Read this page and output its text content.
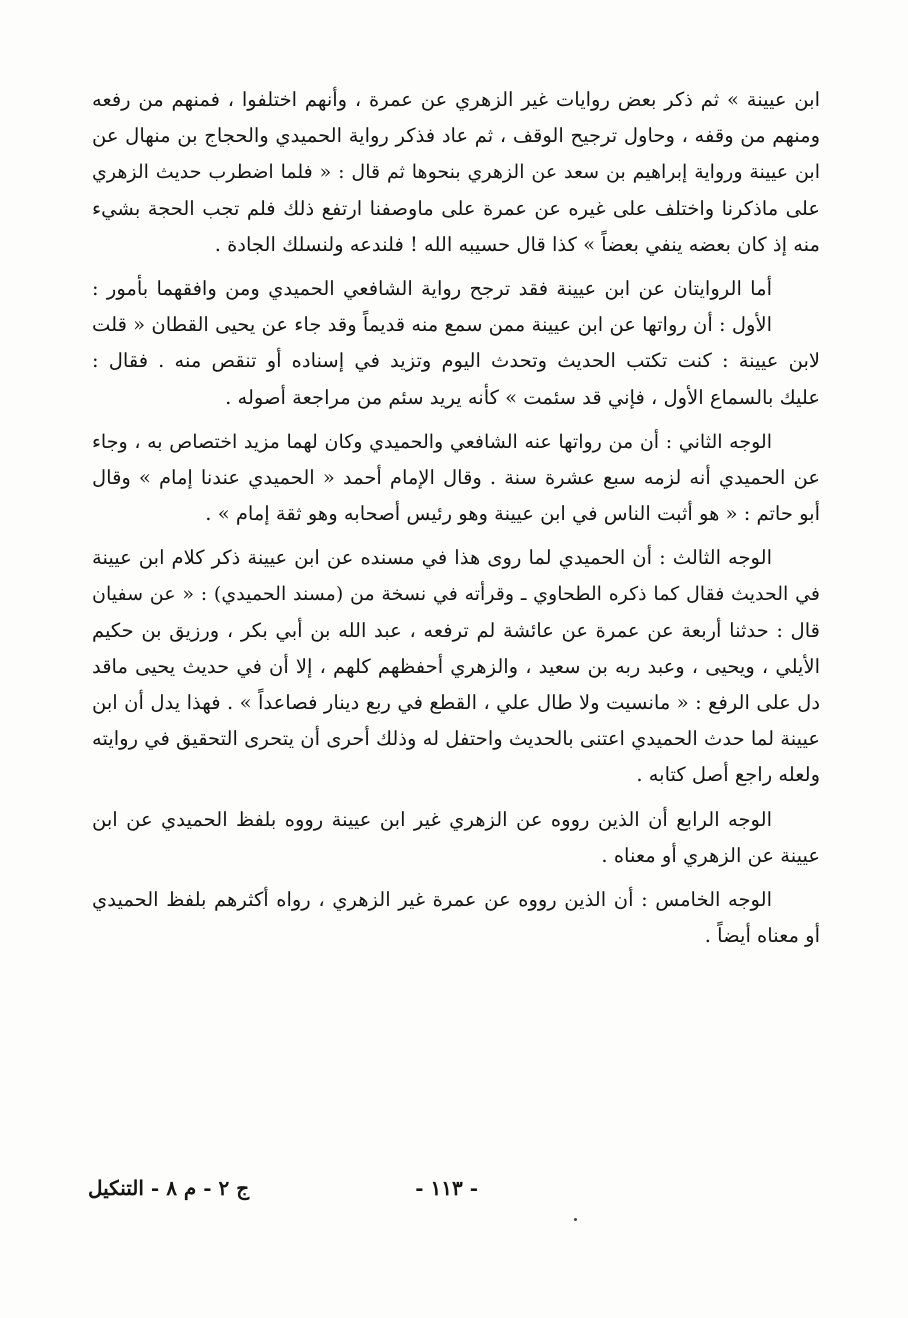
ابن عيينة » ثم ذكر بعض روايات غير الزهري عن عمرة ، وأنهم اختلفوا ، فمنهم من رفعه
ومنهم من وقفه ، وحاول ترجيح الوقف ، ثم عاد فذكر رواية الحميدي والحجاج بن منهال عن
ابن عيينة ورواية إبراهيم بن سعد عن الزهري بنحوها ثم قال : « فلما اضطرب حديث الزهري
على ماذكرنا واختلف على غيره عن عمرة على ماوصفنا ارتفع ذلك فلم تجب الحجة بشيء
منه إذ كان بعضه ينفي بعضاً » كذا قال حسيبه الله ! فلندعه ولنسلك الجادة .
أما الروايتان عن ابن عيينة فقد ترجح رواية الشافعي الحميدي ومن وافقهما بأمور :
الأول : أن رواتها عن ابن عيينة ممن سمع منه قديماً وقد جاء عن يحيى القطان « قلت
لابن عيينة : كنت تكتب الحديث وتحدث اليوم وتزيد في إسناده أو تنقص منه . فقال :
عليك بالسماع الأول ، فإني قد سئمت » كأنه يريد سئم من مراجعة أصوله .
الوجه الثاني : أن من رواتها عنه الشافعي والحميدي وكان لهما مزيد اختصاص به ، وجاء
عن الحميدي أنه لزمه سبع عشرة سنة . وقال الإمام أحمد « الحميدي عندنا إمام » وقال
أبو حاتم : « هو أثبت الناس في ابن عيينة وهو رئيس أصحابه وهو ثقة إمام » .
الوجه الثالث : أن الحميدي لما روى هذا في مسنده عن ابن عيينة ذكر كلام ابن عيينة
في الحديث فقال كما ذكره الطحاوي ـ وقرأته في نسخة من (مسند الحميدي) : « عن سفيان
قال : حدثنا أربعة عن عمرة عن عائشة لم ترفعه ، عبد الله بن أبي بكر ، ورزيق بن حكيم
الأيلي ، ويحيى ، وعبد ربه بن سعيد ، والزهري أحفظهم كلهم ، إلا أن في حديث يحيى ماقد
دل على الرفع : « مانسيت ولا طال علي ، القطع في ربع دينار فصاعداً » . فهذا يدل أن ابن
عيينة لما حدث الحميدي اعتنى بالحديث واحتفل له وذلك أحرى أن يتحرى التحقيق في روايته
ولعله راجع أصل كتابه .
الوجه الرابع أن الذين رووه عن الزهري غير ابن عيينة رووه بلفظ الحميدي عن ابن
عيينة عن الزهري أو معناه .
الوجه الخامس : أن الذين رووه عن عمرة غير الزهري ، رواه أكثرهم بلفظ الحميدي
أو معناه أيضاً .
- ١١٣ -
ج ٢ - م ٨ - التنكيل
